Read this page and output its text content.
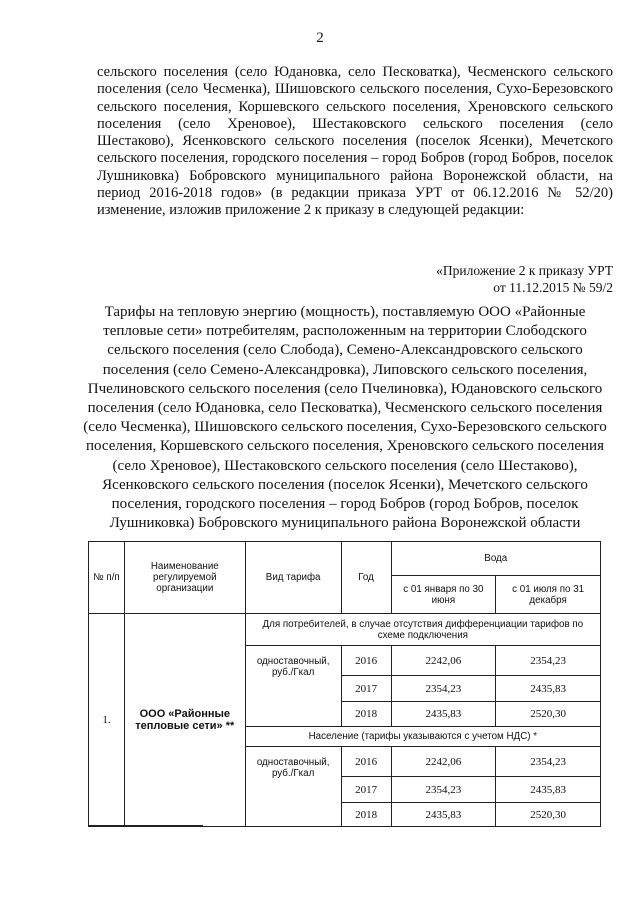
2

сельского поселения (село Юдановка, село Песковатка), Чесменского сельского поселения (село Чесменка), Шишовского сельского поселения, Сухо-Березовского сельского поселения, Коршевского сельского поселения, Хреновского сельского поселения (село Хреновое), Шестаковского сельского поселения (село Шестаково), Ясенковского сельского поселения (поселок Ясенки), Мечетского сельского поселения, городского поселения – город Бобров (город Бобров, поселок Лушниковка) Бобровского муниципального района Воронежской области, на период 2016-2018 годов» (в редакции приказа УРТ от 06.12.2016 № 52/20) изменение, изложив приложение 2 к приказу в следующей редакции:

«Приложение 2 к приказу УРТ
от 11.12.2015 № 59/2

Тарифы на тепловую энергию (мощность), поставляемую ООО «Районные тепловые сети» потребителям, расположенным на территории Слободского сельского поселения (село Слобода), Семено-Александровского сельского поселения (село Семено-Александровка), Липовского сельского поселения, Пчелиновского сельского поселения (село Пчелиновка), Юдановского сельского поселения (село Юдановка, село Песковатка), Чесменского сельского поселения (село Чесменка), Шишовского сельского поселения, Сухо-Березовского сельского поселения, Коршевского сельского поселения, Хреновского сельского поселения (село Хреновое), Шестаковского сельского поселения (село Шестаково), Ясенковского сельского поселения (поселок Ясенки), Мечетского сельского поселения, городского поселения – город Бобров (город Бобров, поселок Лушниковка) Бобровского муниципального района Воронежской области

№ п/п	Наименование регулируемой организации	Вид тарифа	Год	Вода	
				с 01 января по 30 июня	с 01 июля по 31 декабря
1.	ООО «Районные тепловые сети» **	Для потребителей, в случае отсутствия дифференциации тарифов по схеме подключения			
		одноставочный, руб./Гкал	2016	2242,06	2354,23
			2017	2354,23	2435,83
			2018	2435,83	2520,30
		Население (тарифы указываются с учетом НДС) *			
		одноставочный, руб./Гкал	2016	2242,06	2354,23
			2017	2354,23	2435,83
			2018	2435,83	2520,30
